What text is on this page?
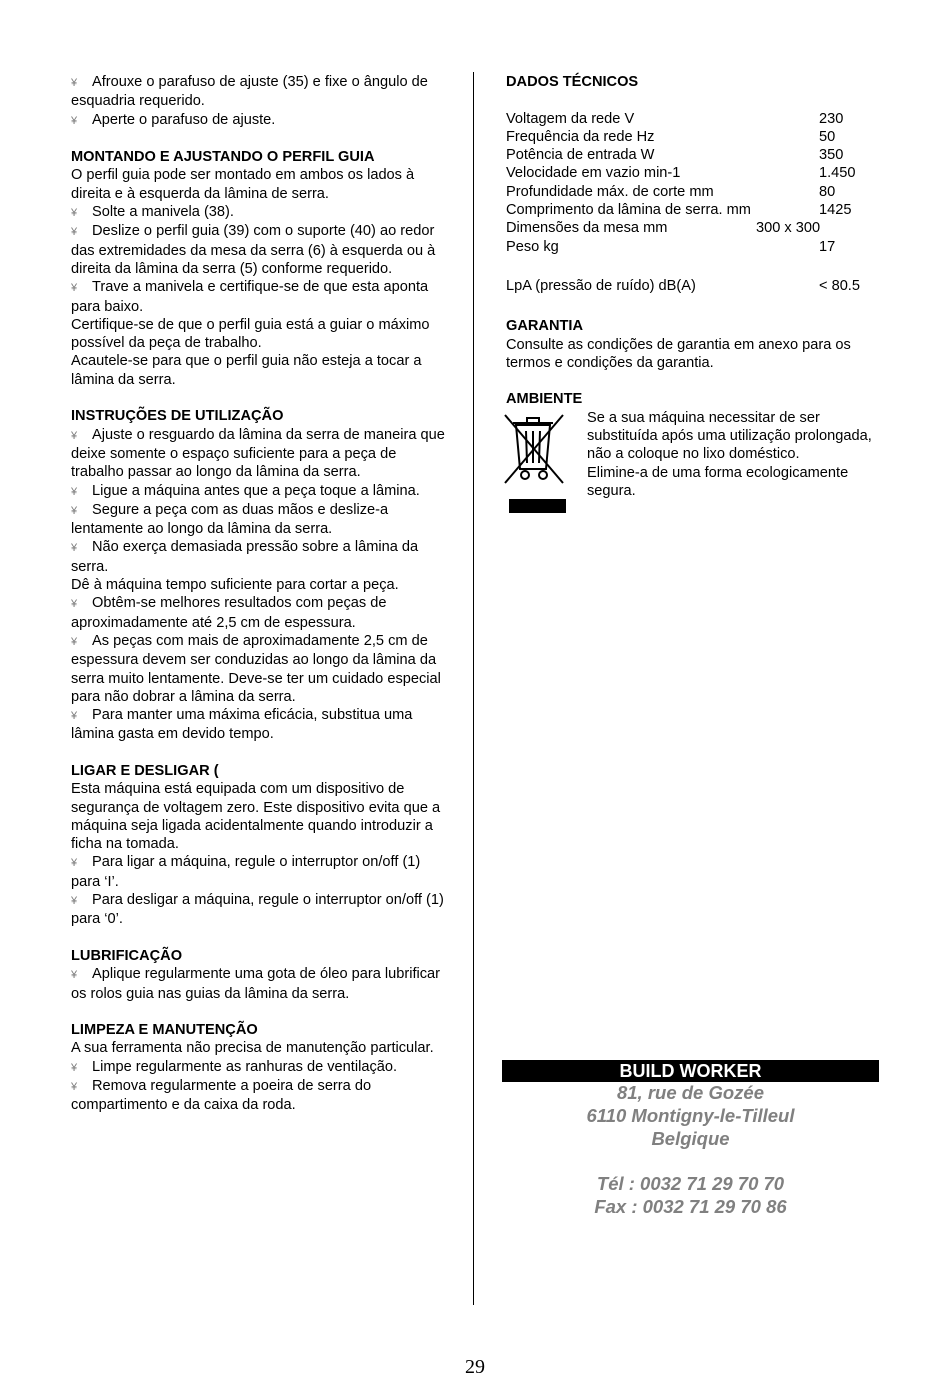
¥ Afrouxe o parafuso de ajuste (35) e fixe o ângulo de esquadria requerido.

¥ Aperte o parafuso de ajuste.

MONTANDO E AJUSTANDO O PERFIL GUIA

O perfil guia pode ser montado em ambos os lados à direita e à esquerda da lâmina de serra.

¥ Solte a manivela (38).

¥ Deslize o perfil guia (39) com o suporte (40) ao redor das extremidades da mesa da serra (6) à esquerda ou à direita da lâmina da serra (5) conforme requerido.

¥ Trave a manivela e certifique-se de que esta aponta para baixo.

Certifique-se de que o perfil guia está a guiar o máximo possível da peça de trabalho.

Acautele-se para que o perfil guia não esteja a tocar a lâmina da serra.

INSTRUÇÕES DE UTILIZAÇÃO

¥ Ajuste o resguardo da lâmina da serra de maneira que deixe somente o espaço suficiente para a peça de trabalho passar ao longo da lâmina da serra.

¥ Ligue a máquina antes que a peça toque a lâmina.

¥ Segure a peça com as duas mãos e deslize-a lentamente ao longo da lâmina da serra.

¥ Não exerça demasiada pressão sobre a lâmina da serra.

Dê à máquina tempo suficiente para cortar a peça.

¥ Obtêm-se melhores resultados com peças de aproximadamente até 2,5 cm de espessura.

¥ As peças com mais de aproximadamente 2,5 cm de espessura devem ser conduzidas ao longo da lâmina da serra muito lentamente. Deve-se ter um cuidado especial para não dobrar a lâmina da serra.

¥ Para manter uma máxima eficácia, substitua uma lâmina gasta em devido tempo.

LIGAR E DESLIGAR (

Esta máquina está equipada com um dispositivo de segurança de voltagem zero. Este dispositivo evita que a máquina seja ligada acidentalmente quando introduzir a ficha na tomada.

¥ Para ligar a máquina, regule o interruptor on/off (1) para ‘I’.

¥ Para desligar a máquina, regule o interruptor on/off (1) para ‘0’.

LUBRIFICAÇÃO

¥ Aplique regularmente uma gota de óleo para lubrificar os rolos guia nas guias da lâmina da serra.

LIMPEZA E MANUTENÇÃO

A sua ferramenta não precisa de manutenção particular.

¥ Limpe regularmente as ranhuras de ventilação.

¥ Remova regularmente a poeira de serra do compartimento e da caixa da roda.

DADOS TÉCNICOS

Voltagem da rede V	230
Frequência da rede Hz	50
Potência de entrada W	350
Velocidade em vazio min-1	1.450
Profundidade máx. de corte mm	80
Comprimento da lâmina de serra. mm	1425
Dimensões da mesa mm	300 x 300
Peso kg	17
LpA (pressão de ruído) dB(A)	< 80.5

GARANTIA

Consulte as condições de garantia em anexo para os termos e condições da garantia.

AMBIENTE

Se a sua máquina necessitar de ser substituída após uma utilização prolongada, não a coloque no lixo doméstico.

Elimine-a de uma forma ecologicamente segura.

BUILD WORKER
81, rue de Gozée
6110 Montigny-le-Tilleul
Belgique
Tél : 0032 71 29 70 70
Fax : 0032 71 29 70 86
29
